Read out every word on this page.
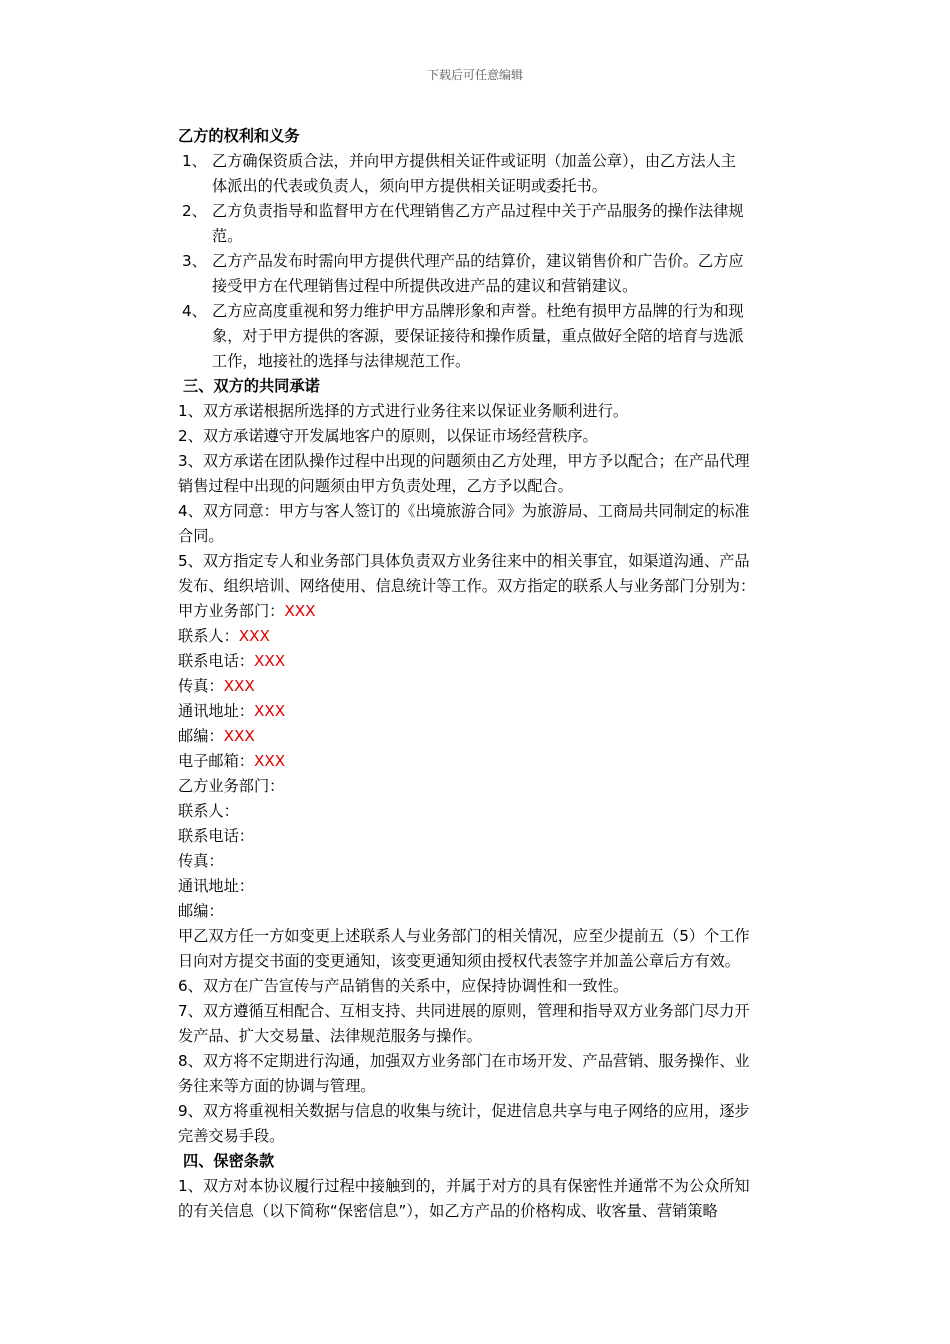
下载后可任意编辑
乙方的权利和义务
1、 乙方确保资质合法，并向甲方提供相关证件或证明（加盖公章），由乙方法人主
体派出的代表或负责人，须向甲方提供相关证明或委托书。
2、 乙方负责指导和监督甲方在代理销售乙方产品过程中关于产品服务的操作法律规
范。
3、 乙方产品发布时需向甲方提供代理产品的结算价，建议销售价和广告价。乙方应
接受甲方在代理销售过程中所提供改进产品的建议和营销建议。
4、 乙方应高度重视和努力维护甲方品牌形象和声誉。杜绝有损甲方品牌的行为和现
象，对于甲方提供的客源，要保证接待和操作质量，重点做好全陪的培育与选派
工作，地接社的选择与法律规范工作。
三、双方的共同承诺
1、双方承诺根据所选择的方式进行业务往来以保证业务顺利进行。
2、双方承诺遵守开发属地客户的原则，以保证市场经营秩序。
3、双方承诺在团队操作过程中出现的问题须由乙方处理，甲方予以配合；在产品代理
销售过程中出现的问题须由甲方负责处理，乙方予以配合。
4、双方同意：甲方与客人签订的《出境旅游合同》为旅游局、工商局共同制定的标准
合同。
5、双方指定专人和业务部门具体负责双方业务往来中的相关事宜，如渠道沟通、产品
发布、组织培训、网络使用、信息统计等工作。双方指定的联系人与业务部门分别为：
甲方业务部门：XXX
联系人：XXX
联系电话：XXX
传真：XXX
通讯地址：XXX
邮编：XXX
电子邮箱：XXX
乙方业务部门：
联系人：
联系电话：
传真：
通讯地址：
邮编：
甲乙双方任一方如变更上述联系人与业务部门的相关情况，应至少提前五（5）个工作
日向对方提交书面的变更通知，该变更通知须由授权代表签字并加盖公章后方有效。
6、双方在广告宣传与产品销售的关系中，应保持协调性和一致性。
7、双方遵循互相配合、互相支持、共同进展的原则，管理和指导双方业务部门尽力开
发产品、扩大交易量、法律规范服务与操作。
8、双方将不定期进行沟通，加强双方业务部门在市场开发、产品营销、服务操作、业
务往来等方面的协调与管理。
9、双方将重视相关数据与信息的收集与统计，促进信息共享与电子网络的应用，逐步
完善交易手段。
四、保密条款
1、双方对本协议履行过程中接触到的，并属于对方的具有保密性并通常不为公众所知
的有关信息（以下简称“保密信息”），如乙方产品的价格构成、收客量、营销策略
